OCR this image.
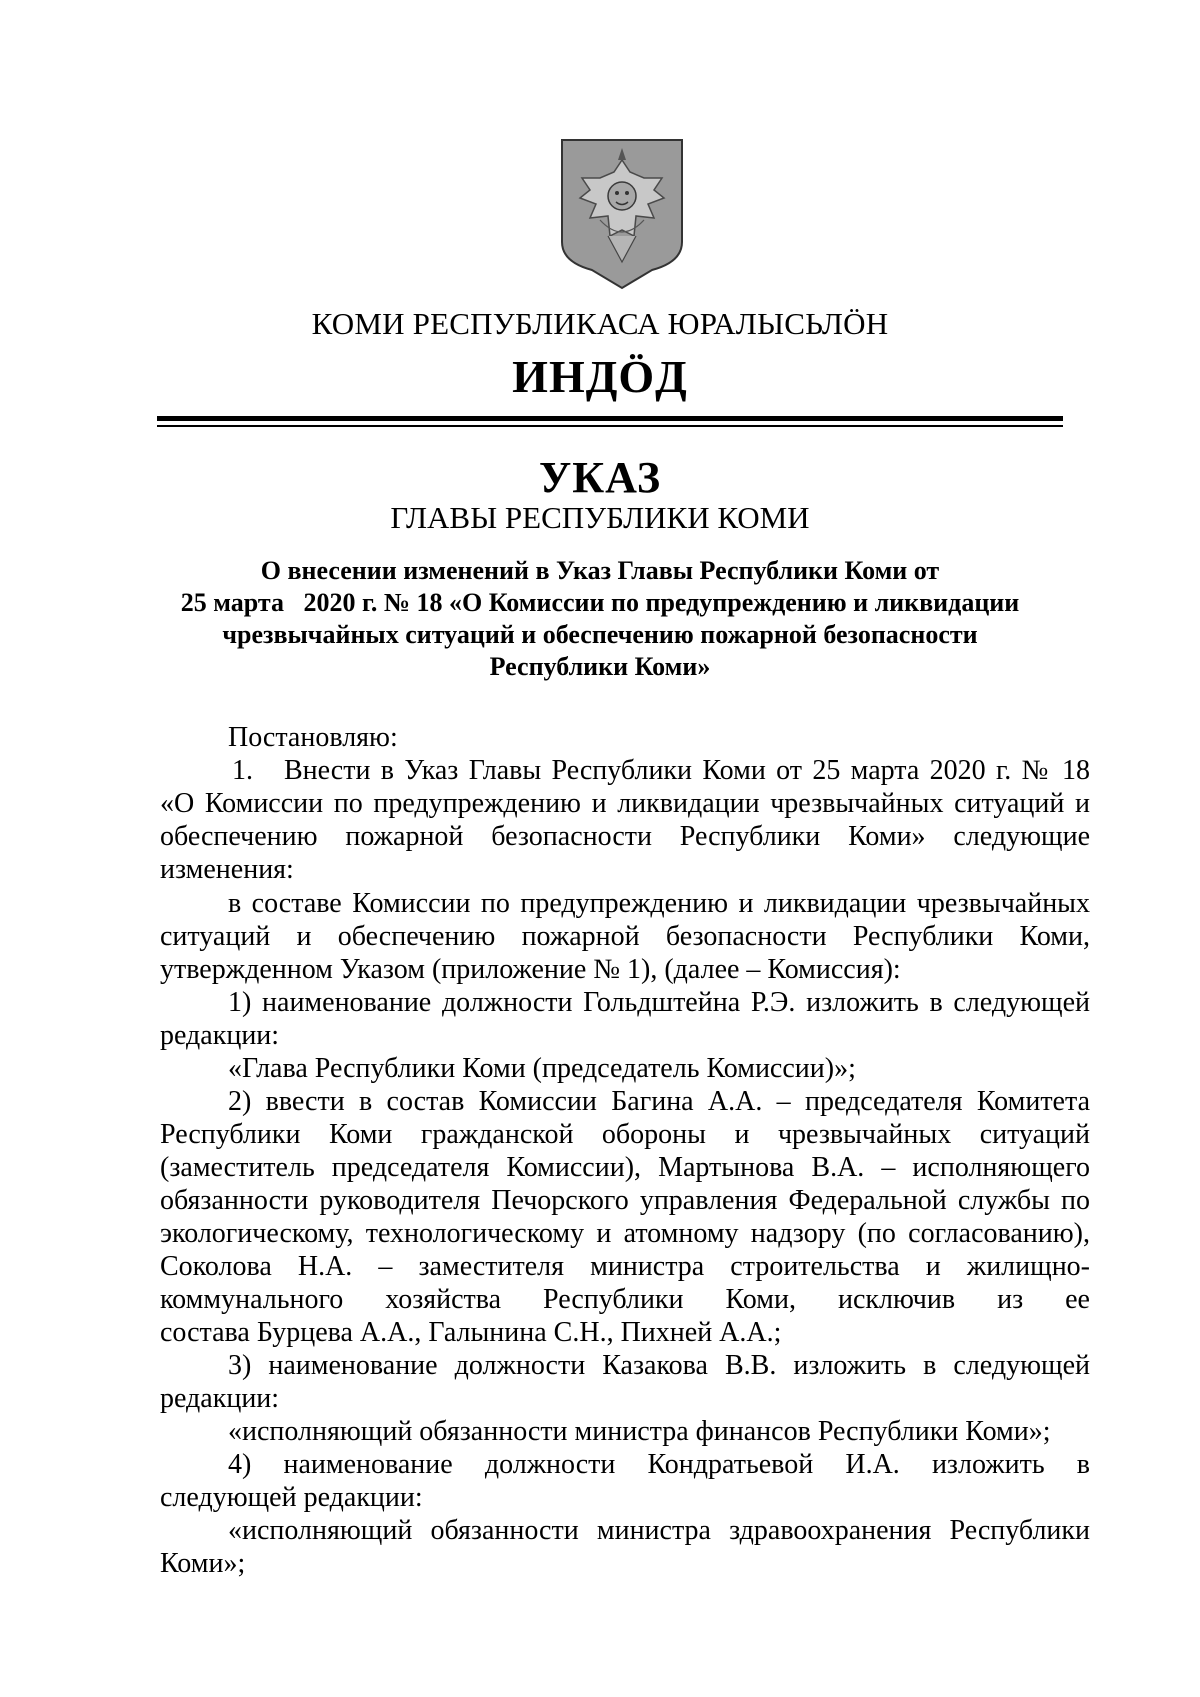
КОМИ РЕСПУБЛИКАСА ЮРАЛЫСЬЛӦН
ИНДӦД
УКАЗ
ГЛАВЫ РЕСПУБЛИКИ КОМИ
О внесении изменений в Указ Главы Республики Коми от
25 марта   2020 г. № 18 «О Комиссии по предупреждению и ликвидации
чрезвычайных ситуаций и обеспечению пожарной безопасности
Республики Коми»
Постановляю:
1. Внести в Указ Главы Республики Коми от 25 марта 2020 г. № 18
«О Комиссии по предупреждению и ликвидации чрезвычайных ситуаций и
обеспечению пожарной безопасности Республики Коми» следующие
изменения:
в составе Комиссии по предупреждению и ликвидации чрезвычайных
ситуаций и обеспечению пожарной безопасности Республики Коми,
утвержденном Указом (приложение № 1), (далее – Комиссия):
1) наименование должности Гольдштейна Р.Э. изложить в следующей
редакции:
«Глава Республики Коми (председатель Комиссии)»;
2) ввести в состав Комиссии Багина А.А. – председателя Комитета
Республики Коми гражданской обороны и чрезвычайных ситуаций
(заместитель председателя Комиссии), Мартынова В.А. – исполняющего
обязанности руководителя Печорского управления Федеральной службы по
экологическому, технологическому и атомному надзору (по согласованию),
Соколова Н.А. – заместителя министра строительства и жилищно-
коммунального хозяйства Республики Коми, исключив из ее
состава Бурцева А.А., Галынина С.Н., Пихней А.А.;
3) наименование должности Казакова В.В. изложить в следующей
редакции:
«исполняющий обязанности министра финансов Республики Коми»;
4) наименование должности Кондратьевой И.А. изложить в
следующей редакции:
«исполняющий обязанности министра здравоохранения Республики
Коми»;
